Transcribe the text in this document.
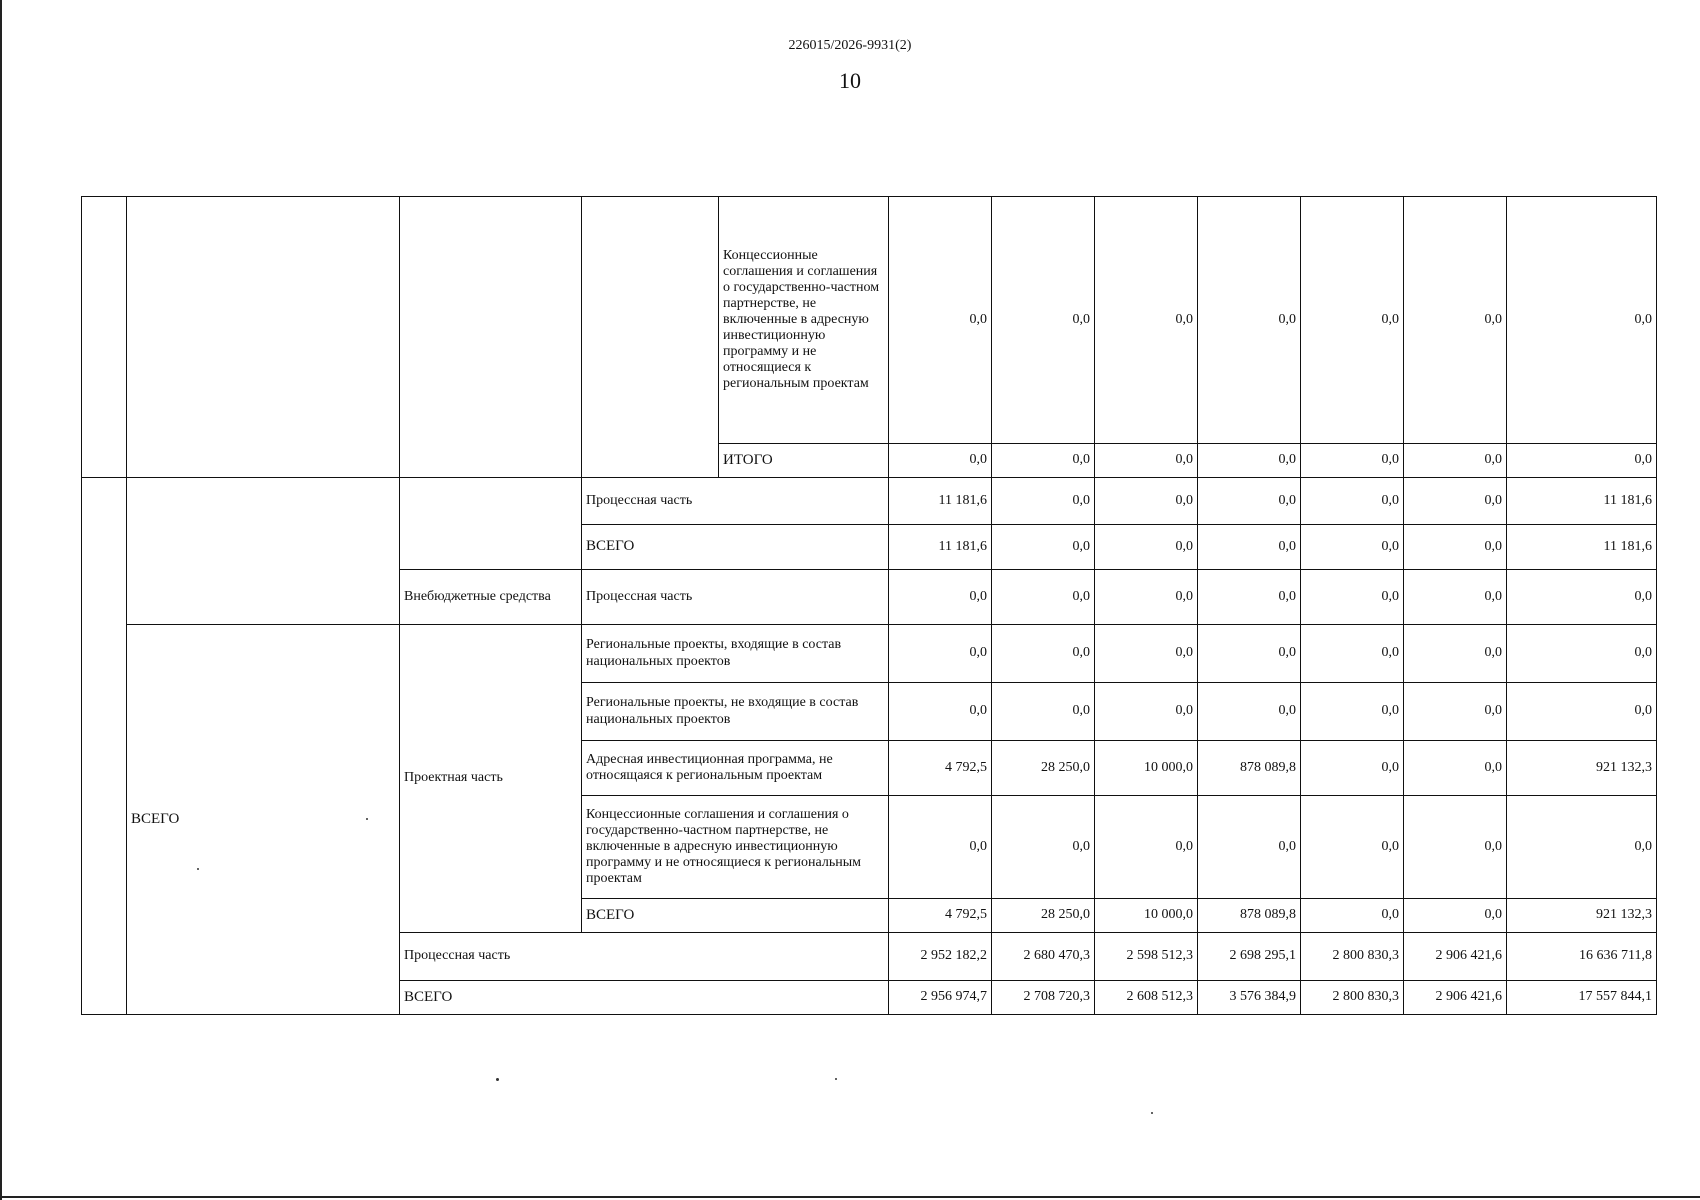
226015/2026-9931(2)
10
				Концессионные соглашения и соглашения о государственно-частном партнерстве, не включенные в адресную инвестиционную программу и не относящиеся к региональным проектам	0,0	0,0	0,0	0,0	0,0	0,0	0,0
				ИТОГО	0,0	0,0	0,0	0,0	0,0	0,0	0,0
			Процессная часть		11 181,6	0,0	0,0	0,0	0,0	0,0	11 181,6
			ВСЕГО		11 181,6	0,0	0,0	0,0	0,0	0,0	11 181,6
		Внебюджетные средства	Процессная часть		0,0	0,0	0,0	0,0	0,0	0,0	0,0
	ВСЕГО	Проектная часть	Региональные проекты, входящие в состав национальных проектов		0,0	0,0	0,0	0,0	0,0	0,0	0,0
			Региональные проекты, не входящие в состав национальных проектов		0,0	0,0	0,0	0,0	0,0	0,0	0,0
			Адресная инвестиционная программа, не относящаяся к региональным проектам		4 792,5	28 250,0	10 000,0	878 089,8	0,0	0,0	921 132,3
			Концессионные соглашения и соглашения о государственно-частном партнерстве, не включенные в адресную инвестиционную программу и не относящиеся к региональным проектам		0,0	0,0	0,0	0,0	0,0	0,0	0,0
			ВСЕГО		4 792,5	28 250,0	10 000,0	878 089,8	0,0	0,0	921 132,3
		Процессная часть			2 952 182,2	2 680 470,3	2 598 512,3	2 698 295,1	2 800 830,3	2 906 421,6	16 636 711,8
		ВСЕГО			2 956 974,7	2 708 720,3	2 608 512,3	3 576 384,9	2 800 830,3	2 906 421,6	17 557 844,1
